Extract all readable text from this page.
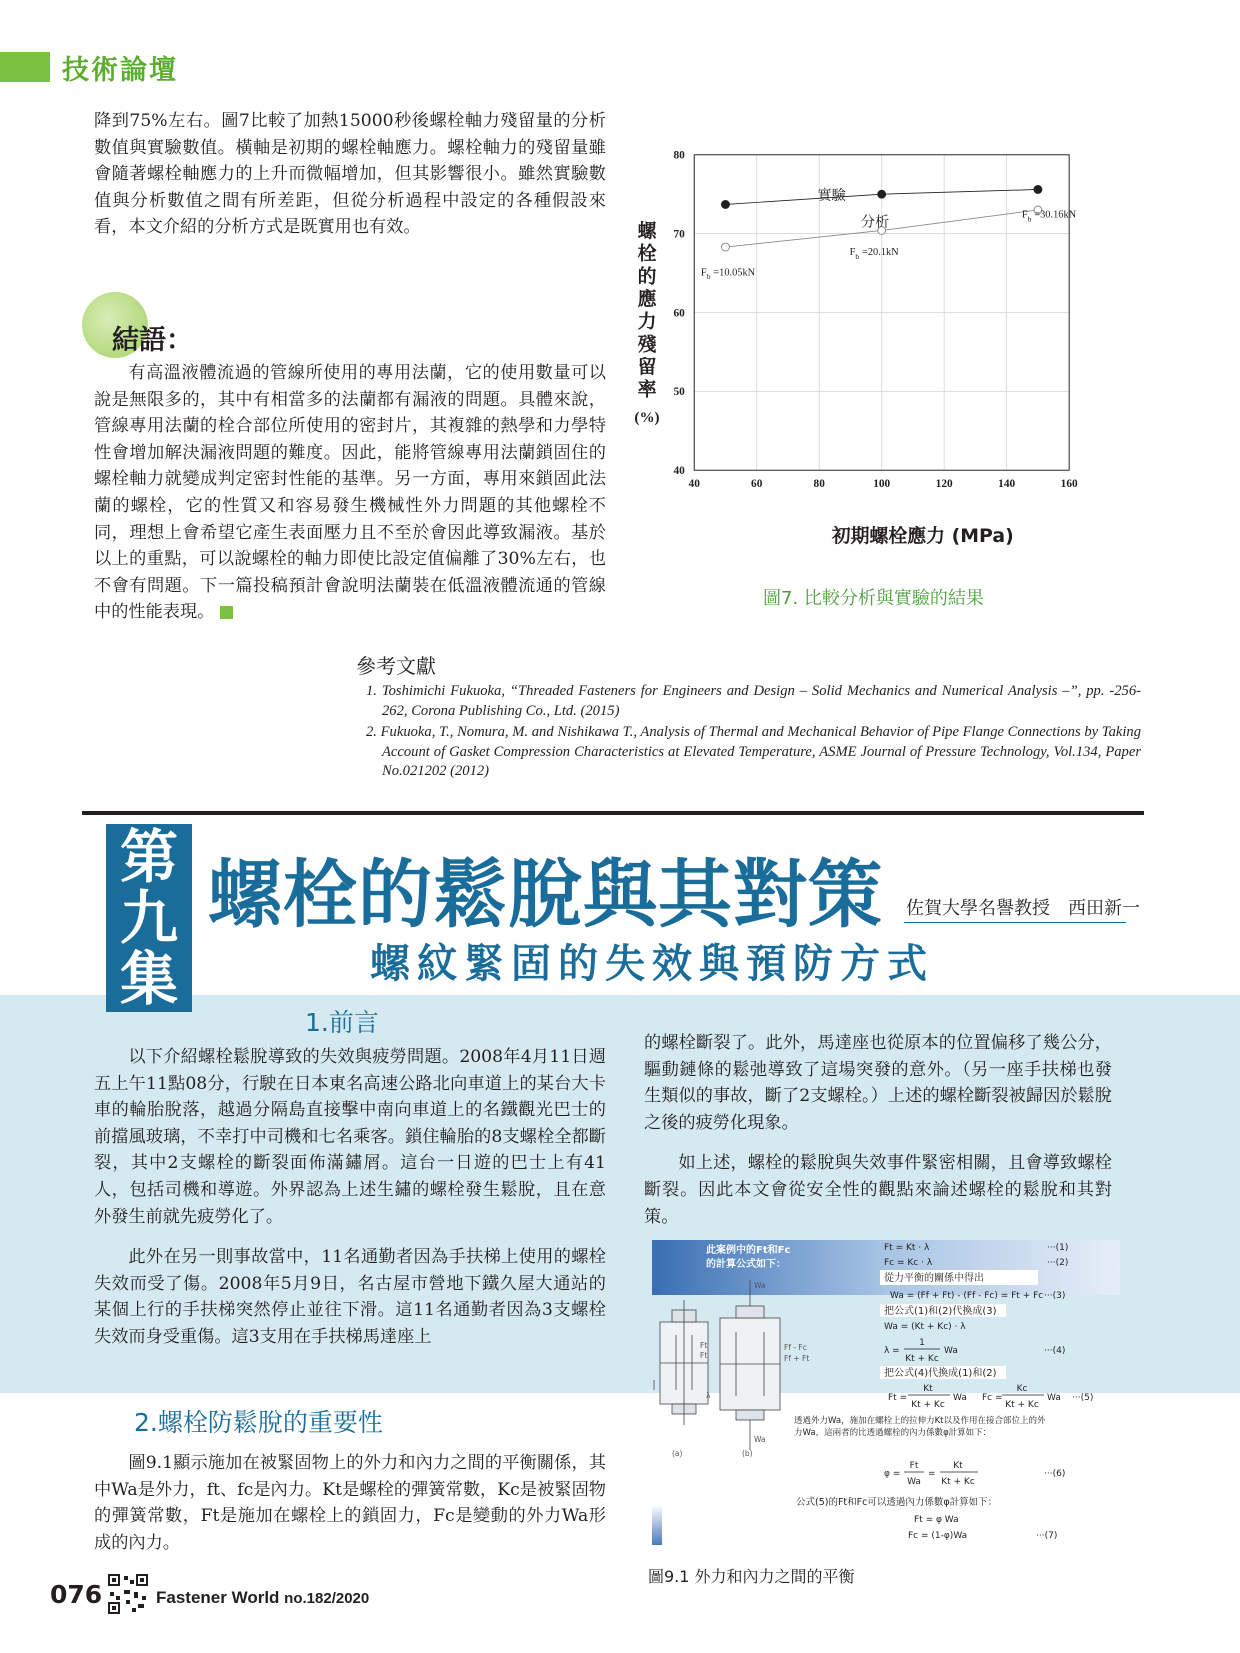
技術論壇

降到75%左右。圖7比較了加熱15000秒後螺栓軸力殘留量的分析數值與實驗數值。橫軸是初期的螺栓軸應力。螺栓軸力的殘留量雖會隨著螺栓軸應力的上升而微幅增加，但其影響很小。雖然實驗數值與分析數值之間有所差距，但從分析過程中設定的各種假設來看，本文介紹的分析方式是既實用也有效。

結語：

有高溫液體流過的管線所使用的專用法蘭，它的使用數量可以說是無限多的，其中有相當多的法蘭都有漏液的問題。具體來說，管線專用法蘭的栓合部位所使用的密封片，其複雜的熱學和力學特性會增加解決漏液問題的難度。因此，能將管線專用法蘭鎖固住的螺栓軸力就變成判定密封性能的基準。另一方面，專用來鎖固此法蘭的螺栓，它的性質又和容易發生機械性外力問題的其他螺栓不同，理想上會希望它產生表面壓力且不至於會因此導致漏液。基於以上的重點，可以說螺栓的軸力即使比設定值偏離了30%左右，也不會有問題。下一篇投稿預計會說明法蘭裝在低溫液體流通的管線中的性能表現。

40	60	80	100	120	140	160
40
50
60
70
80
實驗
分析
$F_b =10.05kN$
$F_b =20.1kN$
$F_b =30.16kN$
初期螺栓應力 (MPa)
螺
栓
的
應
力
殘
留
率
(%)
圖7. 比較分析與實驗的結果
參考文獻
1. Toshimichi Fukuoka, “Threaded Fasteners for Engineers and Design – Solid Mechanics and Numerical Analysis –”, pp. -256-262, Corona Publishing Co., Ltd. (2015)
2. Fukuoka, T., Nomura, M. and Nishikawa T., Analysis of Thermal and Mechanical Behavior of Pipe Flange Connections by Taking Account of Gasket Compression Characteristics at Elevated Temperature, ASME Journal of Pressure Technology, Vol.134, Paper No.021202 (2012)
第
九
集
螺栓的鬆脫與其對策 佐賀大學名譽教授　西田新一
螺紋緊固的失效與預防方式
1.前言

以下介紹螺栓鬆脫導致的失效與疲勞問題。2008年4月11日週五上午11點08分，行駛在日本東名高速公路北向車道上的某台大卡車的輪胎脫落，越過分隔島直接擊中南向車道上的名鐵觀光巴士的前擋風玻璃，不幸打中司機和七名乘客。鎖住輪胎的8支螺栓全都斷裂，其中2支螺栓的斷裂面佈滿鏽屑。這台一日遊的巴士上有41人，包括司機和導遊。外界認為上述生鏽的螺栓發生鬆脫，且在意外發生前就先疲勞化了。

此外在另一則事故當中，11名通勤者因為手扶梯上使用的螺栓失效而受了傷。2008年5月9日，名古屋市營地下鐵久屋大通站的某個上行的手扶梯突然停止並往下滑。這11名通勤者因為3支螺栓失效而身受重傷。這3支用在手扶梯馬達座上

的螺栓斷裂了。此外，馬達座也從原本的位置偏移了幾公分，驅動鏈條的鬆弛導致了這場突發的意外。（另一座手扶梯也發生類似的事故，斷了2支螺栓。）上述的螺栓斷裂被歸因於鬆脫之後的疲勞化現象。

如上述，螺栓的鬆脫與失效事件緊密相關，且會導致螺栓斷裂。因此本文會從安全性的觀點來論述螺栓的鬆脫和其對策。

2.螺栓防鬆脫的重要性

圖9.1顯示施加在被緊固物上的外力和內力之間的平衡關係，其中Wa是外力，ft、fc是內力。Kt是螺栓的彈簧常數，Kc是被緊固物的彈簧常數，Ft是施加在螺栓上的鎖固力，Fc是變動的外力Wa形成的內力。

此案例中的Ft和Fc
的計算公式如下：
Ft = Kt · λ	···(1)
Fc = Kc · λ	···(2)
從力平衡的關係中得出
Wa = (Ff + Ft) - (Ff - Fc) = Ft + Fc ···(3)
把公式(1)和(2)代換成(3)
Wa = (Kt + Kc) · λ
λ =
1
Kt + Kc
Wa	···(4)
把公式(4)代換成(1)和(2)
Ft =
Kt
Kt + Kc
Wa Fc =
Kc
Kt + Kc
Wa ···(5)
透過外力Wa，施加在螺栓上的拉伸力Kt以及作用在接合部位上的外
力Wa，這兩者的比透過螺栓的內力係數φ計算如下：
φ =
Ft
Wa
=
Kt
Kt + Kc
···(6)
公式(5)的Ft和Fc可以透過內力係數φ計算如下：
Ft = φ Wa
Fc = (1-φ)Wa	···(7)
Wa
Wa
Ft
Ft
λ
Ff - Fc
Ff + Ft
(a)	(b)
圖9.1 外力和內力之間的平衡
076	Fastener World no.182/2020
